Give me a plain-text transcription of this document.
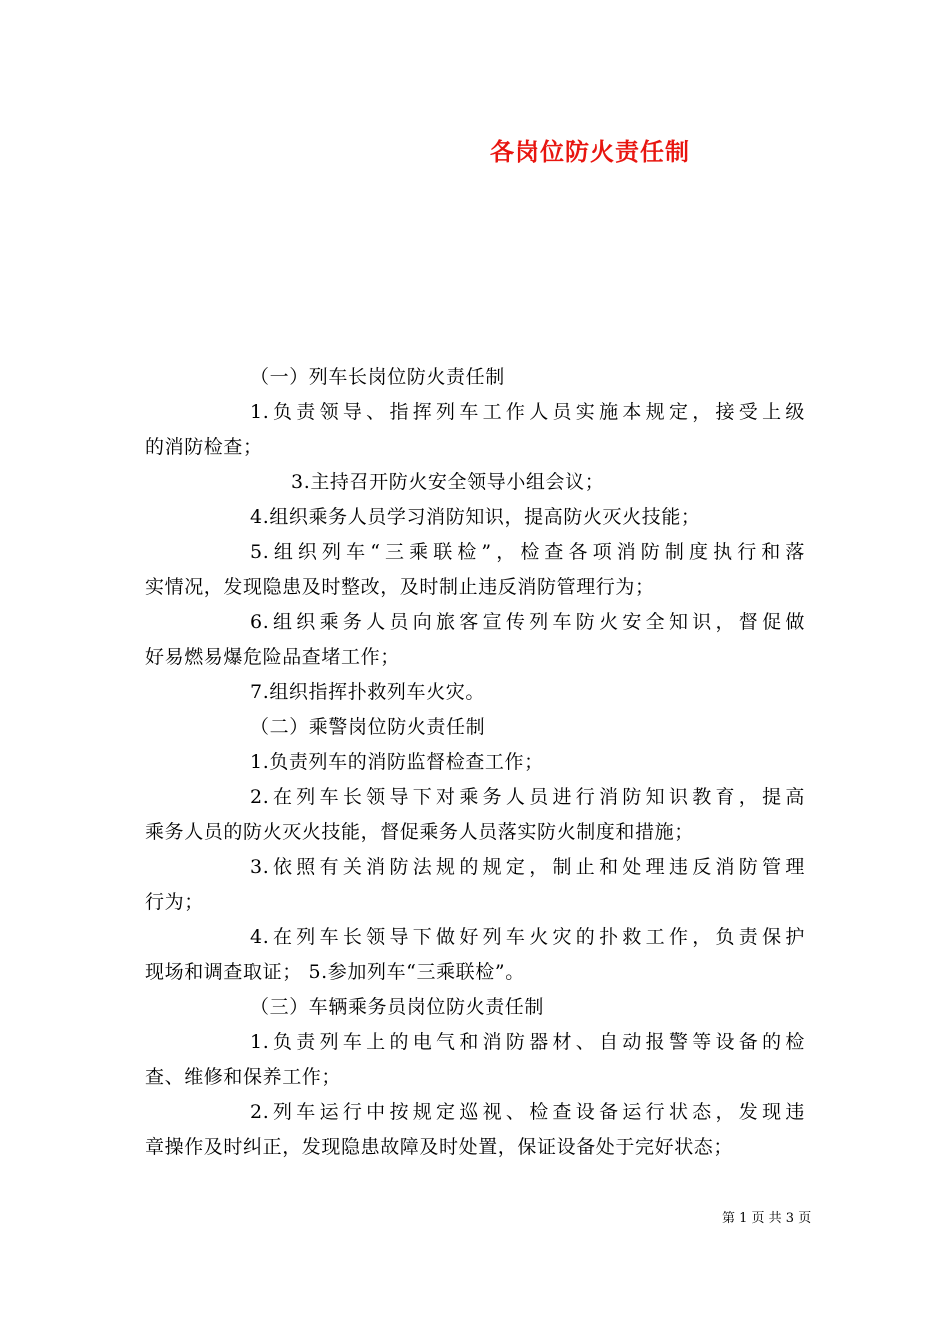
各岗位防火责任制
（一）列车长岗位防火责任制
1.负责领导、指挥列车工作人员实施本规定，接受上级
的消防检查；
3.主持召开防火安全领导小组会议；
4.组织乘务人员学习消防知识，提高防火灭火技能；
5.组织列车“三乘联检”，检查各项消防制度执行和落
实情况，发现隐患及时整改，及时制止违反消防管理行为；
6.组织乘务人员向旅客宣传列车防火安全知识，督促做
好易燃易爆危险品查堵工作；
7.组织指挥扑救列车火灾。
（二）乘警岗位防火责任制
1.负责列车的消防监督检查工作；
2.在列车长领导下对乘务人员进行消防知识教育，提高
乘务人员的防火灭火技能，督促乘务人员落实防火制度和措施；
3.依照有关消防法规的规定，制止和处理违反消防管理
行为；
4.在列车长领导下做好列车火灾的扑救工作，负责保护
现场和调查取证； 5.参加列车“三乘联检”。
（三）车辆乘务员岗位防火责任制
1.负责列车上的电气和消防器材、自动报警等设备的检
查、维修和保养工作；
2.列车运行中按规定巡视、检查设备运行状态，发现违
章操作及时纠正，发现隐患故障及时处置，保证设备处于完好状态；
第 1 页 共 3 页
